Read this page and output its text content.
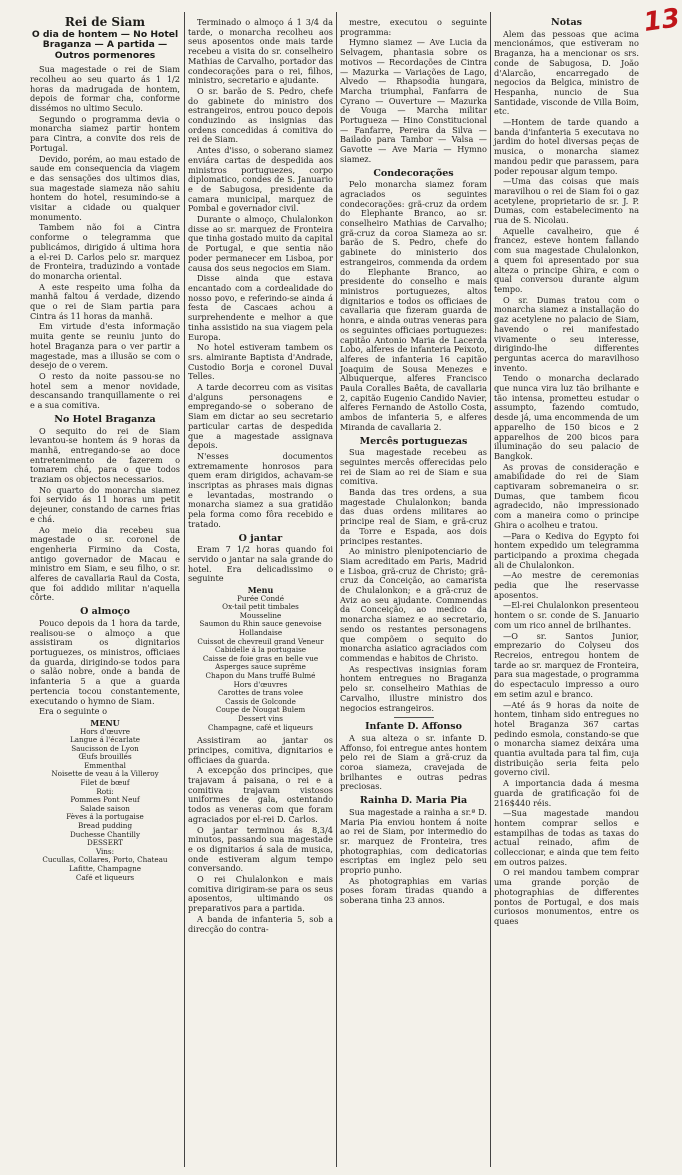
13
Rei de Siam
O dia de hontem — No Hotel Braganza — A partida — Outros pormenores

Sua magestade o rei de Siam recolheu ao seu quarto ás 1 1/2 horas da madrugada de hontem, depois de formar cha, conforme dissémos no ultimo Seculo.

Segundo o programma devia o monarcha siamez partir hontem para Cintra, a convite dos reis de Portugal.

Devido, porém, ao mau estado de saude em consequencia da viagem e das sensações dos ultimos dias, sua magestade siameza não sahiu hontem do hotel, resumindo-se a visitar a cidade ou qualquer monumento.

Tambem não foi a Cintra conforme o telegramma que publicámos, dirigido á ultima hora a el-rei D. Carlos pelo sr. marquez de Fronteira, traduzindo a vontade do monarcha oriental.

A este respeito uma folha da manhã faltou á verdade, dizendo que o rei de Siam partia para Cintra ás 11 horas da manhã.

Em virtude d'esta informação muita gente se reuniu junto do hotel Braganza para o ver partir a magestade, mas a illusão se com o desejo de o verem.

O resto da noite passou-se no hotel sem a menor novidade, descansando tranquillamente o rei e a sua comitiva.

No Hotel Braganza

O sequito do rei de Siam levantou-se hontem ás 9 horas da manhã, entregando-se ao doce entretenimento de fazerem o tomarem chá, para o que todos traziam os objectos necessarios.

No quarto do monarcha siamez foi servido ás 11 horas um petit dejeuner, constando de carnes frias e chá.

Ao meio dia recebeu sua magestade o sr. coronel de engenheria Firmino da Costa, antigo governador de Macau e ministro em Siam, e seu filho, o sr. alferes de cavallaria Raul da Costa, que foi addido militar n'aquella côrte.

O almoço

Pouco depois da 1 hora da tarde, realisou-se o almoço a que assistiram os dignitarios portuguezes, os ministros, officiaes da guarda, dirigindo-se todos para o salão nobre, onde a banda de infanteria 5 a que a guarda pertencia tocou constantemente, executando o hymno de Siam.

Era o seguinte o

MENU
Hors d'œuvre
Langue á l'écarlate
Saucisson de Lyon
Œufs brouillés
Emmenthal
Noisette de veau á la Villeroy
Filet de bœuf
Roti:
Pommes Pont Neuf
Salade saison
Fèves á la portugaise
Bread pudding
Duchesse Chantilly
DESSERT
Vins:
Cucullas, Collares, Porto, Chateau Lafitte, Champagne
Café et liqueurs

Terminado o almoço á 1 3/4 da tarde, o monarcha recolheu aos seus aposentos onde mais tarde recebeu a visita do sr. conselheiro Mathias de Carvalho, portador das condecorações para o rei, filhos, ministro, secretario e ajudante.

O sr. barão de S. Pedro, chefe do gabinete do ministro dos estrangeiros, entrou pouco depois conduzindo as insignias das ordens concedidas á comitiva do rei de Siam.

Antes d'isso, o soberano siamez enviára cartas de despedida aos ministros portuguezes, corpo diplomatico, condes de S. Januario e de Sabugosa, presidente da camara municipal, marquez de Pombal e governador civil.

Durante o almoço, Chulalonkon disse ao sr. marquez de Fronteira que tinha gostado muito da capital de Portugal, e que sentia não poder permanecer em Lisboa, por causa dos seus negocios em Siam.

Disse ainda que estava encantado com a cordealidade do nosso povo, e referindo-se ainda á festa de Cascaes achou a surprehendente e melhor a que tinha assistido na sua viagem pela Europa.

No hotel estiveram tambem os srs. almirante Baptista d'Andrade, Custodio Borja e coronel Duval Telles.

A tarde decorreu com as visitas d'alguns personagens e empregando-se o soberano de Siam em dictar ao seu secretario particular cartas de despedida que a magestade assignava depois.

N'esses documentos extremamente honrosos para quem eram dirigidos, achavam-se inscriptas as phrases mais dignas e levantadas, mostrando o monarcha siamez a sua gratidão pela forma como fôra recebido e tratado.

O jantar

Eram 7 1/2 horas quando foi servido o jantar na sala grande do hotel. Era delicadissimo o seguinte

Menu
Purée Condé
Ox-tail petit timbales
Mousseline
Saumon du Rhin sauce genevoise Hollandaise
Cuissot de chevreuil grand Veneur
Cabidelle á la portugaise
Caisse de foie gras en belle vue
Asperges sauce suprême
Chapon du Mans truffé Bulmé
Hors d'œuvres
Carottes de trans volee
Cassis de Golconde
Coupe de Nougat Bulem
Dessert vins
Champagne, café et liqueurs

Assistiram ao jantar os principes, comitiva, dignitarios e officiaes da guarda.

A excepção dos principes, que trajavam á paisana, o rei e a comitiva trajavam vistosos uniformes de gala, ostentando todos as veneras com que foram agraciados por el-rei D. Carlos.

O jantar terminou ás 8,3/4 minutos, passando sua magestade e os dignitarios á sala de musica, onde estiveram algum tempo conversando.

O rei Chulalonkon e mais comitiva dirigiram-se para os seus aposentos, ultimando os preparativos para a partida.

A banda de infanteria 5, sob a direcção do contra-

mestre, executou o seguinte programma:

Hymno siamez — Ave Lucia da Selvagem, phantasia sobre os motivos — Recordações de Cintra — Mazurka — Variações de Lago, Alvedo — Rhapsodia hungara, Marcha triumphal, Fanfarra de Cyrano — Ouverture — Mazurka de Vouga — Marcha militar Portugueza — Hino Constitucional — Fanfarre, Pereira da Silva — Bailado para Tambor — Valsa — Gavotte — Ave Maria — Hymno siamez.

Condecorações

Pelo monarcha siamez foram agraciados os seguintes condecorações: grã-cruz da ordem do Elephante Branco, ao sr. conselheiro Mathias de Carvalho; grã-cruz da coroa Siameza ao sr. barão de S. Pedro, chefe do gabinete do ministerio dos estrangeiros, commenda da ordem do Elephante Branco, ao presidente do conselho e mais ministros portuguezes, altos dignitarios e todos os officiaes de cavallaria que fizeram guarda de honra, e ainda outras veneras para os seguintes officiaes portuguezes: capitão Antonio Maria de Lacerda Lobo, alferes de infanteria Peixoto, alferes de infanteria 16 capitão Joaquim de Sousa Menezes e Albuquerque, alferes Francisco Paula Coralles Baêta, de cavallaria 2, capitão Eugenio Candido Navier, alferes Fernando de Astollo Costa, ambos de infanteria 5, e alferes Miranda de cavallaria 2.

Mercês portuguezas

Sua magestade recebeu as seguintes mercês offerecidas pelo rei de Siam ao rei de Siam e sua comitiva.

Banda das tres ordens, a sua magestade Chulalonkon; banda das duas ordens militares ao principe real de Siam, e grã-cruz da Torre e Espada, aos dois principes restantes.

Ao ministro plenipotenciario de Siam acreditado em Paris, Madrid e Lisboa, grã-cruz de Christo; grã-cruz da Conceição, ao camarista de Chulalonkon; e a grã-cruz de Aviz ao seu ajudante. Commendas da Conceição, ao medico da monarcha siamez e ao secretario, sendo os restantes personagens que compõem o sequito do monarcha asiatico agraciados com commendas e habitos de Christo.

As respectivas insignias foram hontem entregues no Braganza pelo sr. conselheiro Mathias de Carvalho, illustre ministro dos negocios estrangeiros.

Infante D. Affonso

A sua alteza o sr. infante D. Affonso, foi entregue antes hontem pelo rei de Siam a grã-cruz da coroa siameza, cravejada de brilhantes e outras pedras preciosas.

Rainha D. Maria Pia

Sua magestade a rainha a sr.ª D. Maria Pia enviou hontem á noite ao rei de Siam, por intermedio do sr. marquez de Fronteira, tres photographias, com dedicatorias escriptas em inglez pelo seu proprio punho.

As photographias em varias poses foram tiradas quando a soberana tinha 23 annos.

Notas

Alem das pessoas que acima mencionámos, que estiveram no Braganza, ha a mencionar os srs. conde de Sabugosa, D. João d'Alarcão, encarregado de negocios da Belgica, ministro de Hespanha, nuncio de Sua Santidade, visconde de Villa Boim, etc.

—Hontem de tarde quando a banda d'infanteria 5 executava no jardim do hotel diversas peças de musica, o monarcha siamez mandou pedir que parassem, para poder repousar algum tempo.

—Uma das coisas que mais maravilhou o rei de Siam foi o gaz acetylene, proprietario de sr. J. P. Dumas, com estabelecimento na rua de S. Nicolau.

Aquelle cavalheiro, que é francez, esteve hontem fallando com sua magestade Chulalonkon, a quem foi apresentado por sua alteza o principe Ghira, e com o qual conversou durante algum tempo.

O sr. Dumas tratou com o monarcha siamez a installação do gaz acetylene no palacio de Siam, havendo o rei manifestado vivamente o seu interesse, dirigindo-lhe differentes perguntas acerca do maravilhoso invento.

Tendo o monarcha declarado que nunca vira luz tão brilhante e tão intensa, prometteu estudar o assumpto, fazendo comtudo, desde já, uma encommenda de um apparelho de 150 bicos e 2 apparelhos de 200 bicos para illuminação do seu palacio de Bangkok.

As provas de consideração e amabilidade do rei de Siam captivaram sobremaneira o sr. Dumas, que tambem ficou agradecido, não impressionado com a maneira como o principe Ghira o acolheu e tratou.

—Para o Kediva do Egypto foi hontem expedido um telegramma participando a proxima chegada ali de Chulalonkon.

—Ao mestre de ceremonias pedia que lhe reservasse aposentos.

—El-rei Chulalonkon presenteou hontem o sr. conde de S. Januario com um rico annel de brilhantes.

—O sr. Santos Junior, emprezario do Colyseu dos Recreios, entregou hontem de tarde ao sr. marquez de Fronteira, para sua magestade, o programma do espectaculo impresso a ouro em setim azul e branco.

—Até ás 9 horas da noite de hontem, tinham sido entregues no hotel Braganza 367 cartas pedindo esmola, constando-se que o monarcha siamez deixára uma quantia avultada para tal fim, cuja distribuição seria feita pelo governo civil.

A importancia dada á mesma guarda de gratificação foi de 216$440 réis.

—Sua magestade mandou hontem comprar sellos e estampilhas de todas as taxas do actual reinado, afim de colleccionar, e ainda que tem feito em outros paizes.

O rei mandou tambem comprar uma grande porção de photographias de differentes pontos de Portugal, e dos mais curiosos monumentos, entre os quaes
